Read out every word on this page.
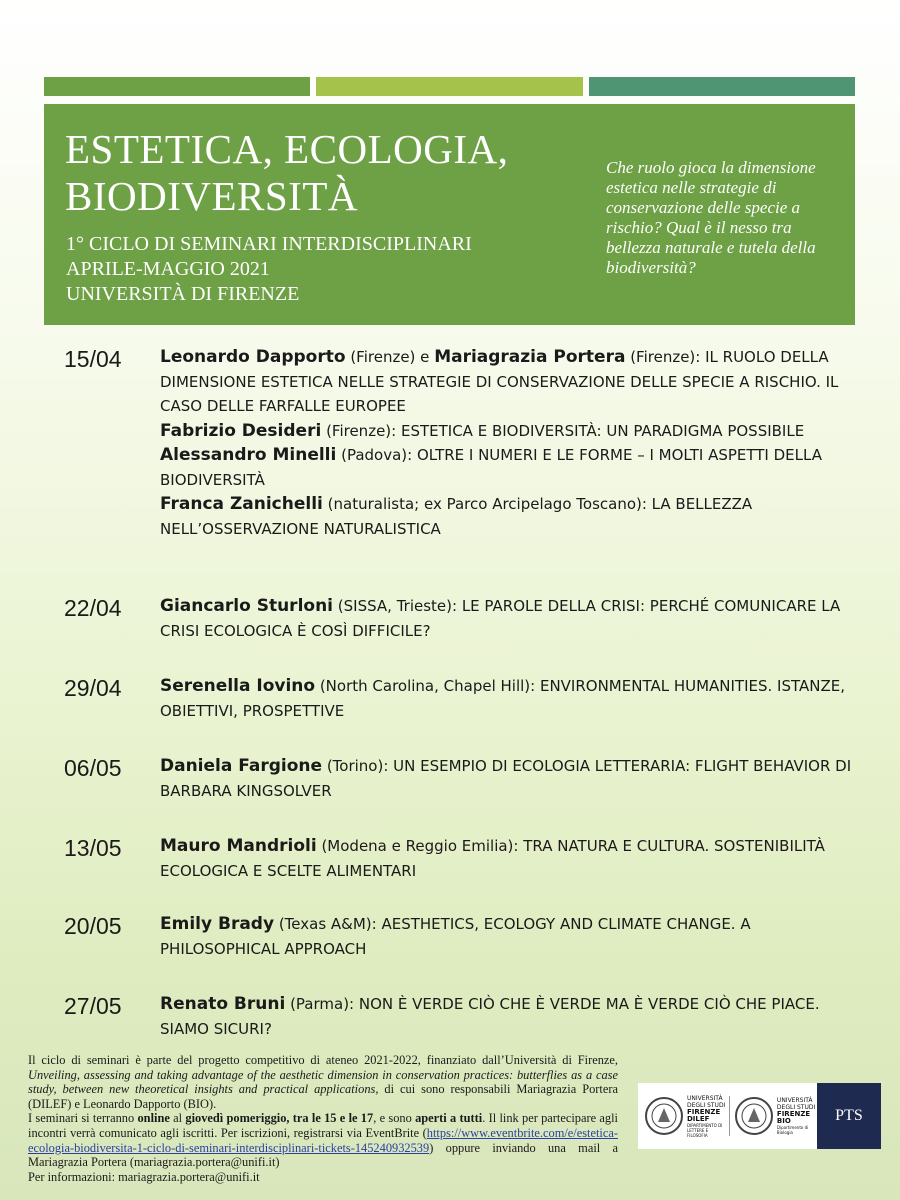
ESTETICA, ECOLOGIA,
BIODIVERSITÀ
1° CICLO DI SEMINARI INTERDISCIPLINARI
APRILE-MAGGIO 2021
UNIVERSITÀ DI FIRENZE
Che ruolo gioca la dimensione estetica nelle strategie di conservazione delle specie a rischio? Qual è il nesso tra bellezza naturale e tutela della biodiversità?
15/04 Leonardo Dapporto (Firenze) e Mariagrazia Portera (Firenze): IL RUOLO DELLA DIMENSIONE ESTETICA NELLE STRATEGIE DI CONSERVAZIONE DELLE SPECIE A RISCHIO. IL CASO DELLE FARFALLE EUROPEE

Fabrizio Desideri (Firenze): ESTETICA E BIODIVERSITÀ: UN PARADIGMA POSSIBILE

Alessandro Minelli (Padova): OLTRE I NUMERI E LE FORME – I MOLTI ASPETTI DELLA BIODIVERSITÀ

Franca Zanichelli (naturalista; ex Parco Arcipelago Toscano): LA BELLEZZA NELL’OSSERVAZIONE NATURALISTICA

22/04 Giancarlo Sturloni (SISSA, Trieste): LE PAROLE DELLA CRISI: PERCHÉ COMUNICARE LA CRISI ECOLOGICA È COSÌ DIFFICILE?

29/04 Serenella Iovino (North Carolina, Chapel Hill): ENVIRONMENTAL HUMANITIES. ISTANZE, OBIETTIVI, PROSPETTIVE

06/05 Daniela Fargione (Torino): UN ESEMPIO DI ECOLOGIA LETTERARIA: FLIGHT BEHAVIOR DI BARBARA KINGSOLVER

13/05 Mauro Mandrioli (Modena e Reggio Emilia): TRA NATURA E CULTURA. SOSTENIBILITÀ ECOLOGICA E SCELTE ALIMENTARI

20/05 Emily Brady (Texas A&M): AESTHETICS, ECOLOGY AND CLIMATE CHANGE. A PHILOSOPHICAL APPROACH

27/05 Renato Bruni (Parma): NON È VERDE CIÒ CHE È VERDE MA È VERDE CIÒ CHE PIACE. SIAMO SICURI?

Il ciclo di seminari è parte del progetto competitivo di ateneo 2021-2022, finanziato dall’Università di Firenze, Unveiling, assessing and taking advantage of the aesthetic dimension in conservation practices: butterflies as a case study, between new theoretical insights and practical applications, di cui sono responsabili Mariagrazia Portera (DILEF) e Leonardo Dapporto (BIO).
I seminari si terranno online al giovedì pomeriggio, tra le 15 e le 17, e sono aperti a tutti. Il link per partecipare agli incontri verrà comunicato agli iscritti. Per iscrizioni, registrarsi via EventBrite (https://www.eventbrite.com/e/estetica-ecologia-biodiversita-1-ciclo-di-seminari-interdisciplinari-tickets-145240932539) oppure inviando una mail a Mariagrazia Portera (mariagrazia.portera@unifi.it)
Per informazioni: mariagrazia.portera@unifi.it
UNIVERSITÀ
DEGLI STUDI
FIRENZE
DILEF
DIPARTIMENTO DI LETTERE E FILOSOFIA
UNIVERSITÀ
DEGLI STUDI
FIRENZE
BIO
Dipartimento di Biologia
PTS
